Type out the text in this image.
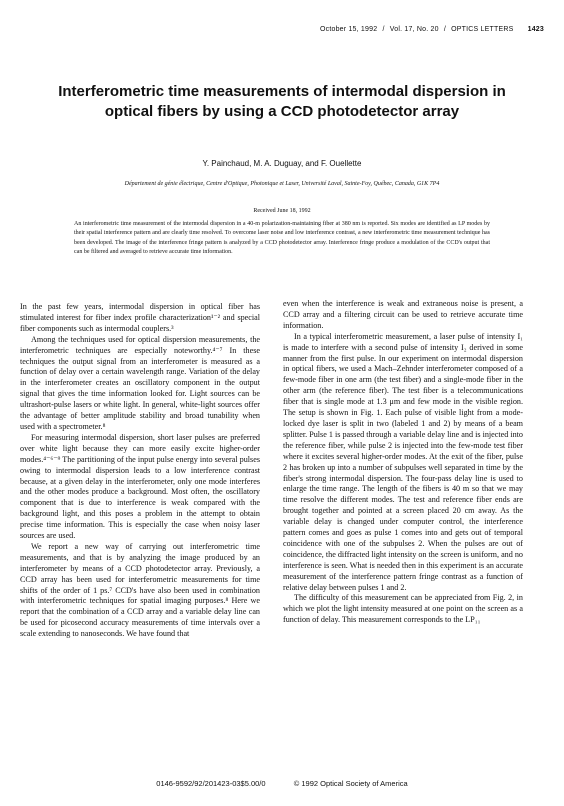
October 15, 1992 / Vol. 17, No. 20 / OPTICS LETTERS 1423
Interferometric time measurements of intermodal dispersion in optical fibers by using a CCD photodetector array
Y. Painchaud, M. A. Duguay, and F. Ouellette
Département de génie électrique, Centre d'Optique, Photonique et Laser, Université Laval, Sainte-Foy, Québec, Canada, G1K 7P4
Received June 18, 1992
An interferometric time measurement of the intermodal dispersion in a 40-m polarization-maintaining fiber at 380 nm is reported. Six modes are identified as LP modes by their spatial interference pattern and are clearly time resolved. To overcome laser noise and low interference contrast, a new interferometric time measurement technique has been developed. The image of the interference fringe pattern is analyzed by a CCD photodetector array. Interference fringe produce a modulation of the CCD's output that can be filtered and averaged to retrieve accurate time information.

In the past few years, intermodal dispersion in optical fiber has stimulated interest for fiber index profile characterization¹⁻² and special fiber components such as intermodal couplers.³

Among the techniques used for optical dispersion measurements, the interferometric techniques are especially noteworthy.⁴⁻⁷ In these techniques the output signal from an interferometer is measured as a function of delay over a certain wavelength range. Variation of the delay in the interferometer creates an oscillatory component in the output signal that gives the time information looked for. Light sources can be ultrashort-pulse lasers or white light. In general, white-light sources offer the advantage of better amplitude stability and broad tunability when used with a spectrometer.⁸

For measuring intermodal dispersion, short laser pulses are preferred over white light because they can more easily excite higher-order modes.⁴⁻⁶⁻⁹ The partitioning of the input pulse energy into several pulses owing to intermodal dispersion leads to a low interference contrast because, at a given delay in the interferometer, only one mode interferes and the other modes produce a background. Most often, the oscillatory component that is due to interference is weak compared with the background light, and this poses a problem in the attempt to obtain precise time information. This is especially the case when noisy laser sources are used.

We report a new way of carrying out interferometric time measurements, and that is by analyzing the image produced by an interferometer by means of a CCD photodetector array. Previously, a CCD array has been used for interferometric measurements for time shifts of the order of 1 ps.⁷ CCD's have also been used in combination with interferometric techniques for spatial imaging purposes.⁸ Here we report that the combination of a CCD array and a variable delay line can be used for picosecond accuracy measurements of time intervals over a scale extending to nanoseconds. We have found that

even when the interference is weak and extraneous noise is present, a CCD array and a filtering circuit can be used to retrieve accurate time information.

In a typical interferometric measurement, a laser pulse of intensity I₁ is made to interfere with a second pulse of intensity I₂ derived in some manner from the first pulse. In our experiment on intermodal dispersion in optical fibers, we used a Mach–Zehnder interferometer composed of a few-mode fiber in one arm (the test fiber) and a single-mode fiber in the other arm (the reference fiber). The test fiber is a telecommunications fiber that is single mode at 1.3 μm and few mode in the visible region. The setup is shown in Fig. 1. Each pulse of visible light from a mode-locked dye laser is split in two (labeled 1 and 2) by means of a beam splitter. Pulse 1 is passed through a variable delay line and is injected into the reference fiber, while pulse 2 is injected into the few-mode test fiber where it excites several higher-order modes. At the exit of the fiber, pulse 2 has broken up into a number of subpulses well separated in time by the fiber's strong intermodal dispersion. The four-pass delay line is used to enlarge the time range. The length of the fibers is 40 m so that we may time resolve the different modes. The test and reference fiber ends are brought together and pointed at a screen placed 20 cm away. As the variable delay is changed under computer control, the interference pattern comes and goes as pulse 1 comes into and gets out of temporal coincidence with one of the subpulses 2. When the pulses are out of coincidence, the diffracted light intensity on the screen is uniform, and no interference is seen. What is needed then in this experiment is an accurate measurement of the interference pattern fringe contrast as a function of relative delay between pulses 1 and 2.

The difficulty of this measurement can be appreciated from Fig. 2, in which we plot the light intensity measured at one point on the screen as a function of delay. This measurement corresponds to the LP₁₁

0146-9592/92/201423-03$5.00/0	© 1992 Optical Society of America
